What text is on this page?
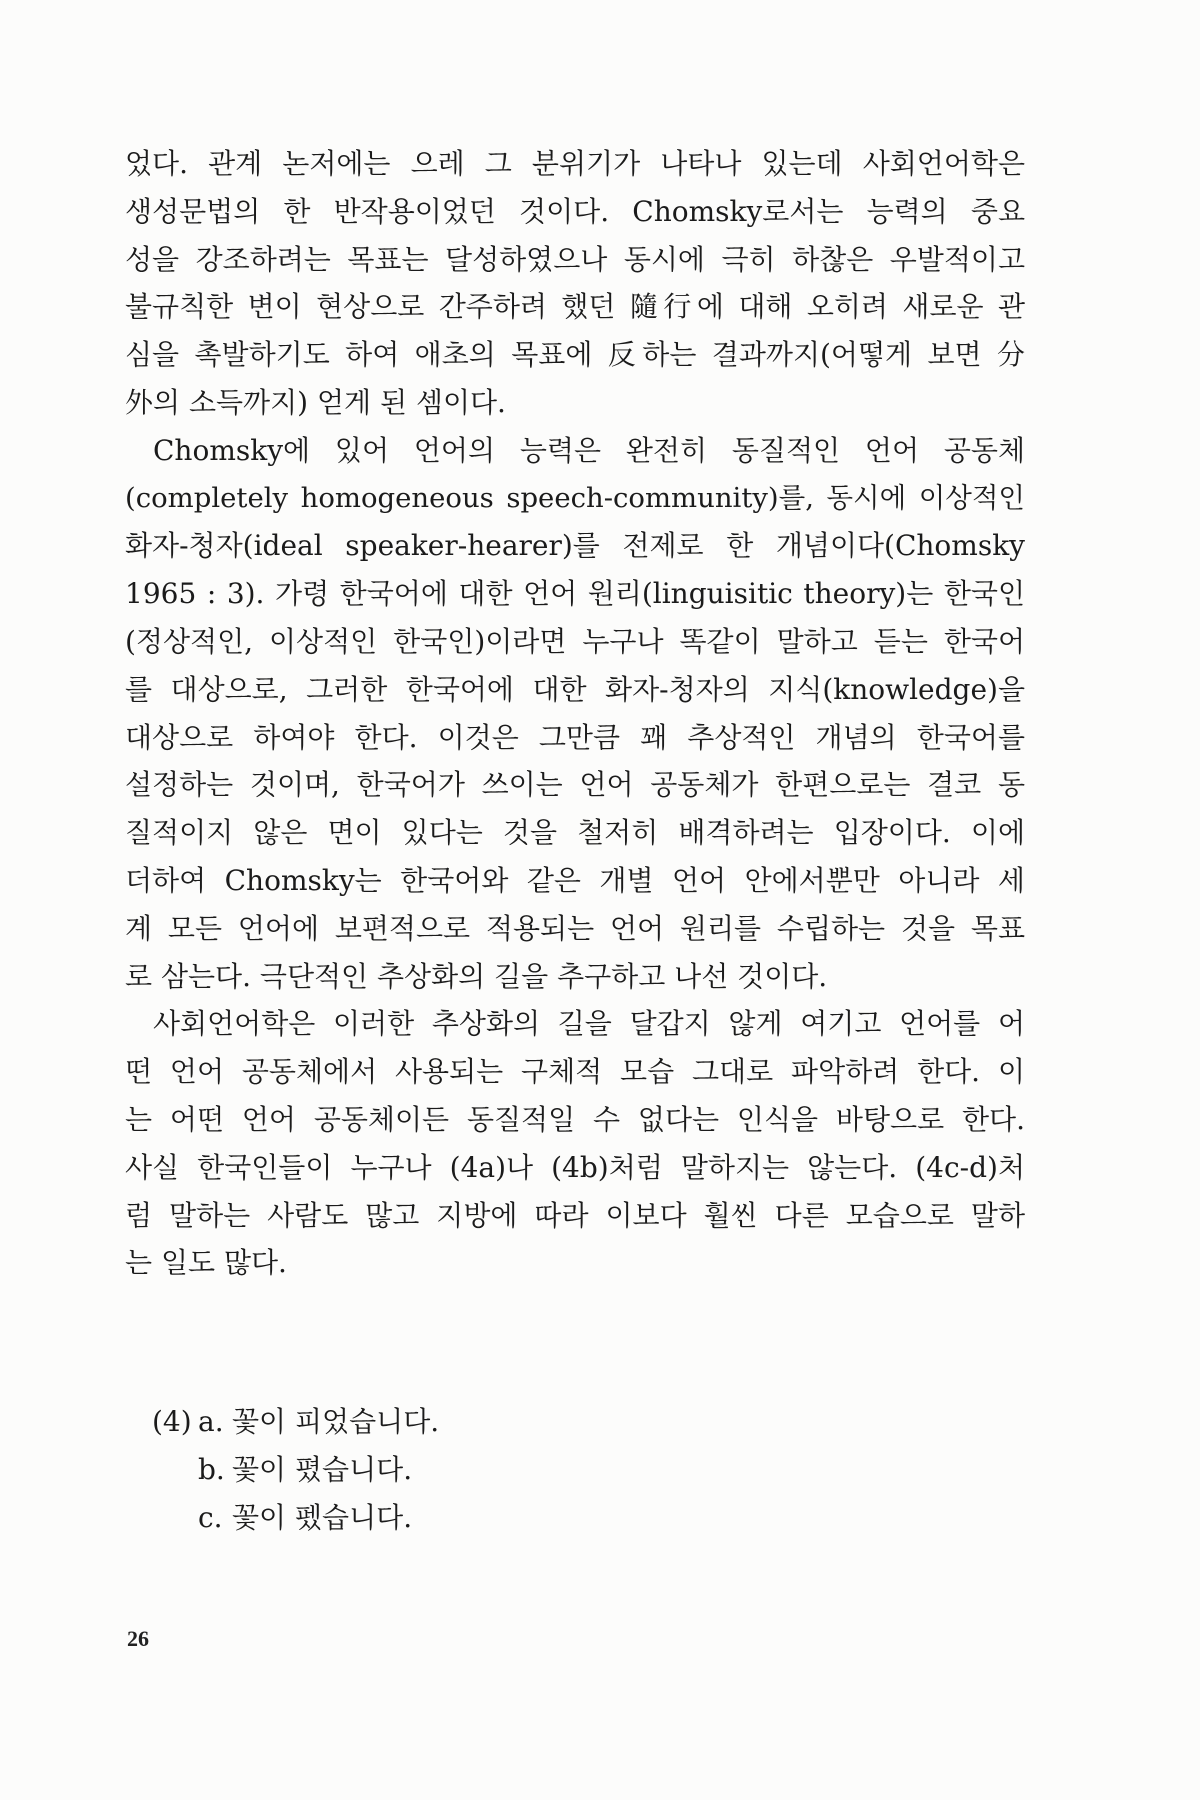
었다. 관계 논저에는 으레 그 분위기가 나타나 있는데 사회언어학은
생성문법의 한 반작용이었던 것이다. Chomsky로서는 능력의 중요
성을 강조하려는 목표는 달성하였으나 동시에 극히 하찮은 우발적이고
불규칙한 변이 현상으로 간주하려 했던 隨行에 대해 오히려 새로운 관
심을 촉발하기도 하여 애초의 목표에 反하는 결과까지(어떻게 보면 分
外의 소득까지) 얻게 된 셈이다.
Chomsky에 있어 언어의 능력은 완전히 동질적인 언어 공동체
(completely homogeneous speech-community)를, 동시에 이상적인
화자-청자(ideal speaker-hearer)를 전제로 한 개념이다(Chomsky
1965 : 3). 가령 한국어에 대한 언어 원리(linguisitic theory)는 한국인
(정상적인, 이상적인 한국인)이라면 누구나 똑같이 말하고 듣는 한국어
를 대상으로, 그러한 한국어에 대한 화자-청자의 지식(knowledge)을
대상으로 하여야 한다. 이것은 그만큼 꽤 추상적인 개념의 한국어를
설정하는 것이며, 한국어가 쓰이는 언어 공동체가 한편으로는 결코 동
질적이지 않은 면이 있다는 것을 철저히 배격하려는 입장이다. 이에
더하여 Chomsky는 한국어와 같은 개별 언어 안에서뿐만 아니라 세
계 모든 언어에 보편적으로 적용되는 언어 원리를 수립하는 것을 목표
로 삼는다. 극단적인 추상화의 길을 추구하고 나선 것이다.
사회언어학은 이러한 추상화의 길을 달갑지 않게 여기고 언어를 어
떤 언어 공동체에서 사용되는 구체적 모습 그대로 파악하려 한다. 이
는 어떤 언어 공동체이든 동질적일 수 없다는 인식을 바탕으로 한다.
사실 한국인들이 누구나 (4a)나 (4b)처럼 말하지는 않는다. (4c-d)처
럼 말하는 사람도 많고 지방에 따라 이보다 훨씬 다른 모습으로 말하
는 일도 많다.
(4) a. 꽃이 피었습니다.
b. 꽃이 폈습니다.
c. 꽃이 펬습니다.
26
